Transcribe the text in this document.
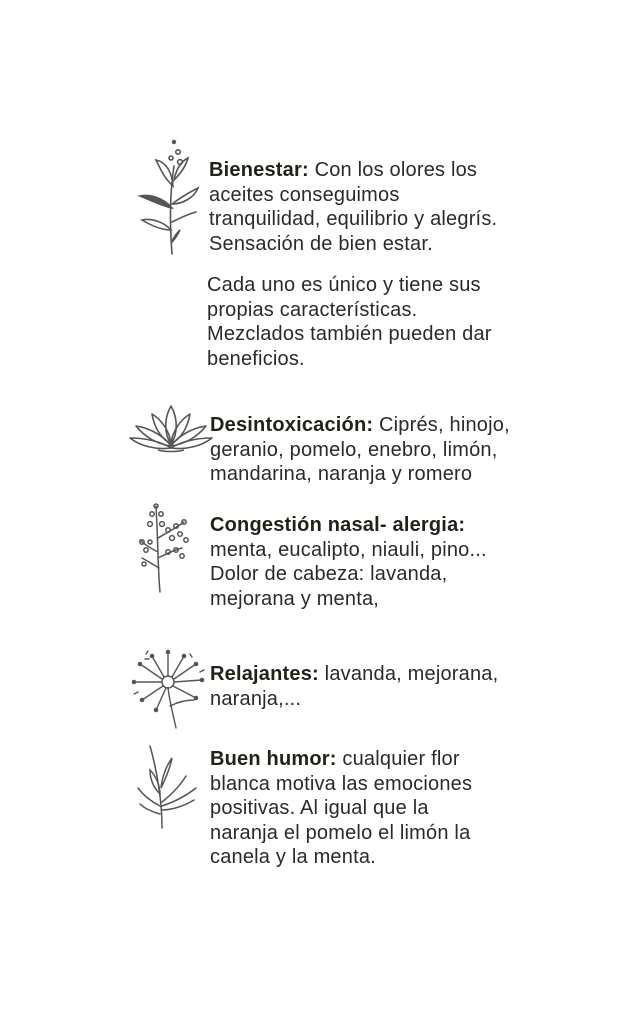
Bienestar: Con los olores los
aceites conseguimos
tranquilidad, equilibrio y alegrís.
Sensación de bien estar.
Cada uno es único y tiene sus
propias características.
Mezclados también pueden dar
beneficios.
Desintoxicación: Ciprés, hinojo,
geranio, pomelo, enebro, limón,
mandarina, naranja y romero
Congestión nasal- alergia:
menta, eucalipto, niauli, pino...
Dolor de cabeza: lavanda,
mejorana y menta,
Relajantes: lavanda, mejorana,
naranja,...
Buen humor: cualquier flor
blanca motiva las emociones
positivas. Al igual que la
naranja el pomelo el limón la
canela y la menta.
